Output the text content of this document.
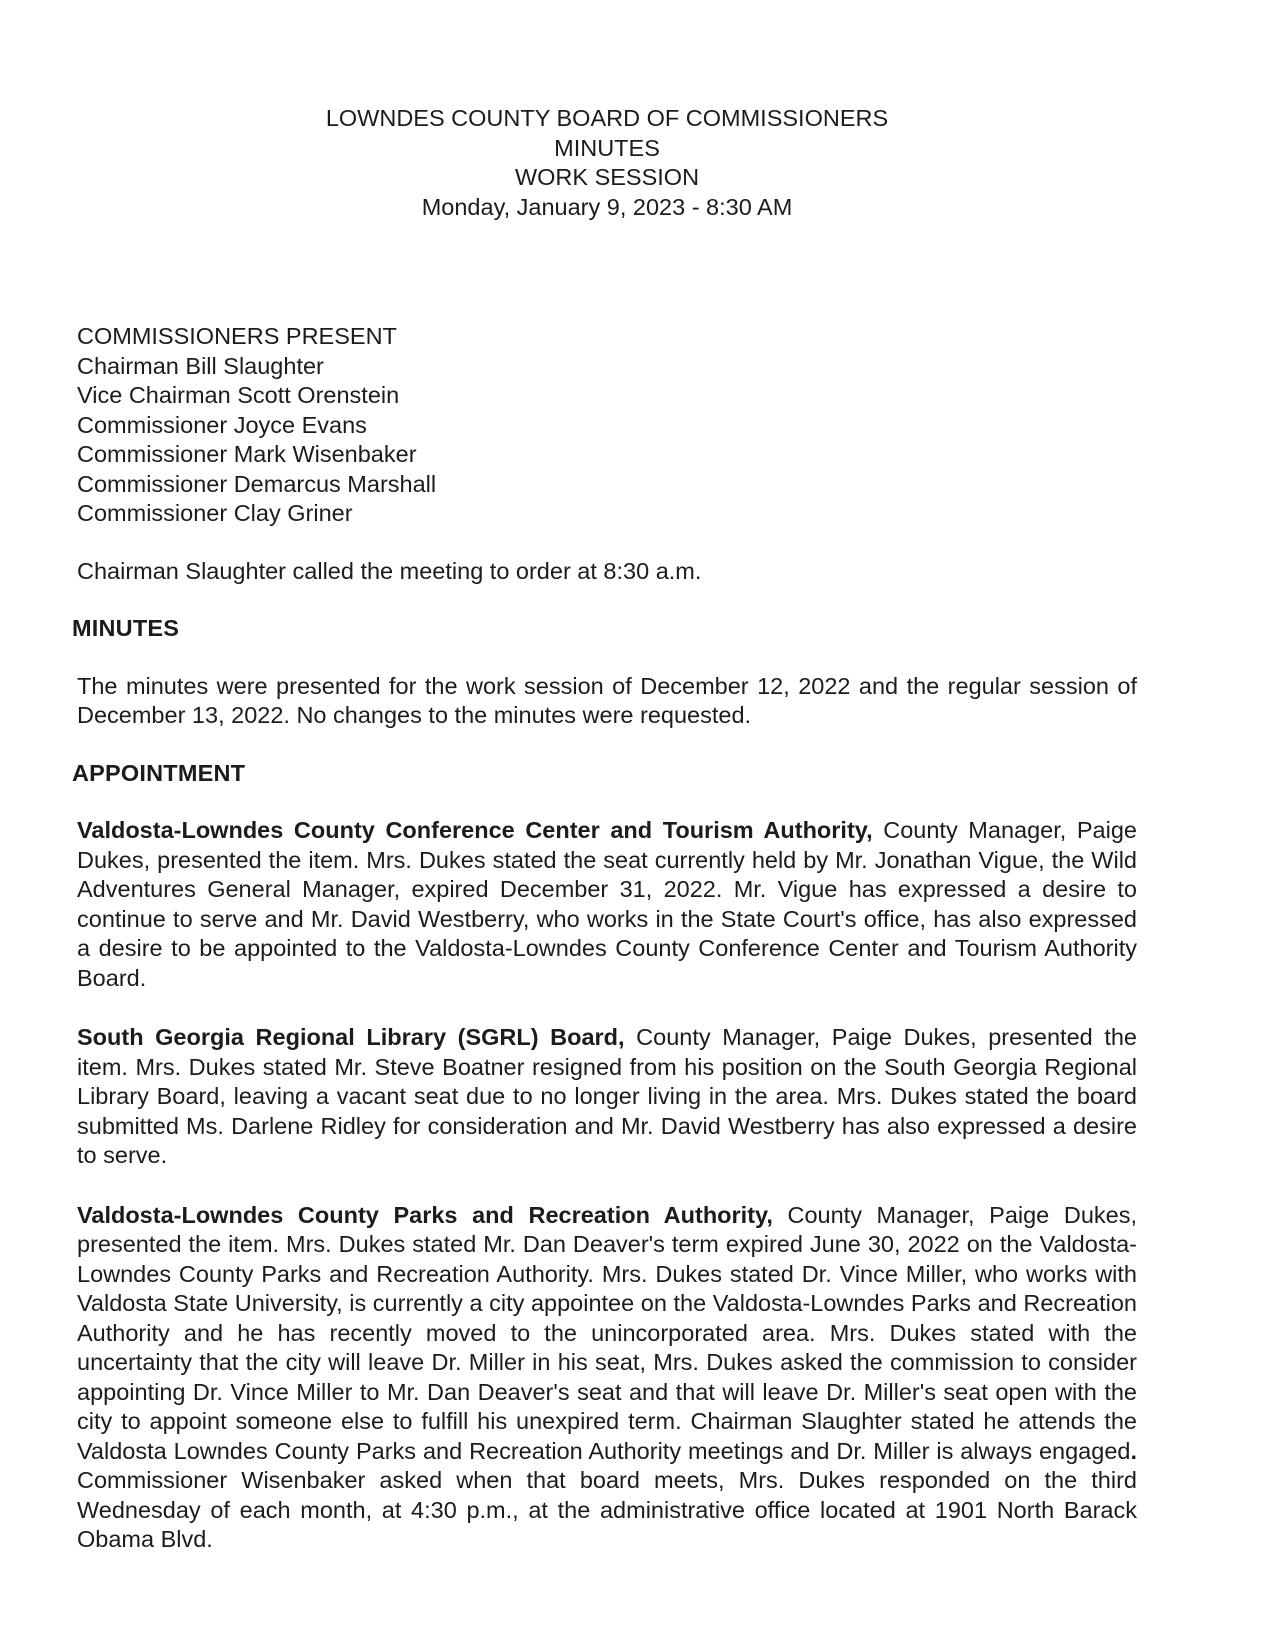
LOWNDES COUNTY BOARD OF COMMISSIONERS
MINUTES
WORK SESSION
Monday, January 9, 2023 - 8:30 AM
COMMISSIONERS PRESENT
Chairman Bill Slaughter
Vice Chairman Scott Orenstein
Commissioner Joyce Evans
Commissioner Mark Wisenbaker
Commissioner Demarcus Marshall
Commissioner Clay Griner

Chairman Slaughter called the meeting to order at 8:30 a.m.

MINUTES

The minutes were presented for the work session of December 12, 2022 and the regular session of December 13, 2022. No changes to the minutes were requested.

APPOINTMENT

Valdosta-Lowndes County Conference Center and Tourism Authority, County Manager, Paige Dukes, presented the item. Mrs. Dukes stated the seat currently held by Mr. Jonathan Vigue, the Wild Adventures General Manager, expired December 31, 2022. Mr. Vigue has expressed a desire to continue to serve and Mr. David Westberry, who works in the State Court's office, has also expressed a desire to be appointed to the Valdosta-Lowndes County Conference Center and Tourism Authority Board.

South Georgia Regional Library (SGRL) Board, County Manager, Paige Dukes, presented the item. Mrs. Dukes stated Mr. Steve Boatner resigned from his position on the South Georgia Regional Library Board, leaving a vacant seat due to no longer living in the area. Mrs. Dukes stated the board submitted Ms. Darlene Ridley for consideration and Mr. David Westberry has also expressed a desire to serve.

Valdosta-Lowndes County Parks and Recreation Authority, County Manager, Paige Dukes, presented the item. Mrs. Dukes stated Mr. Dan Deaver's term expired June 30, 2022 on the Valdosta-Lowndes County Parks and Recreation Authority. Mrs. Dukes stated Dr. Vince Miller, who works with Valdosta State University, is currently a city appointee on the Valdosta-Lowndes Parks and Recreation Authority and he has recently moved to the unincorporated area. Mrs. Dukes stated with the uncertainty that the city will leave Dr. Miller in his seat, Mrs. Dukes asked the commission to consider appointing Dr. Vince Miller to Mr. Dan Deaver's seat and that will leave Dr. Miller's seat open with the city to appoint someone else to fulfill his unexpired term. Chairman Slaughter stated he attends the Valdosta Lowndes County Parks and Recreation Authority meetings and Dr. Miller is always engaged. Commissioner Wisenbaker asked when that board meets, Mrs. Dukes responded on the third Wednesday of each month, at 4:30 p.m., at the administrative office located at 1901 North Barack Obama Blvd.
